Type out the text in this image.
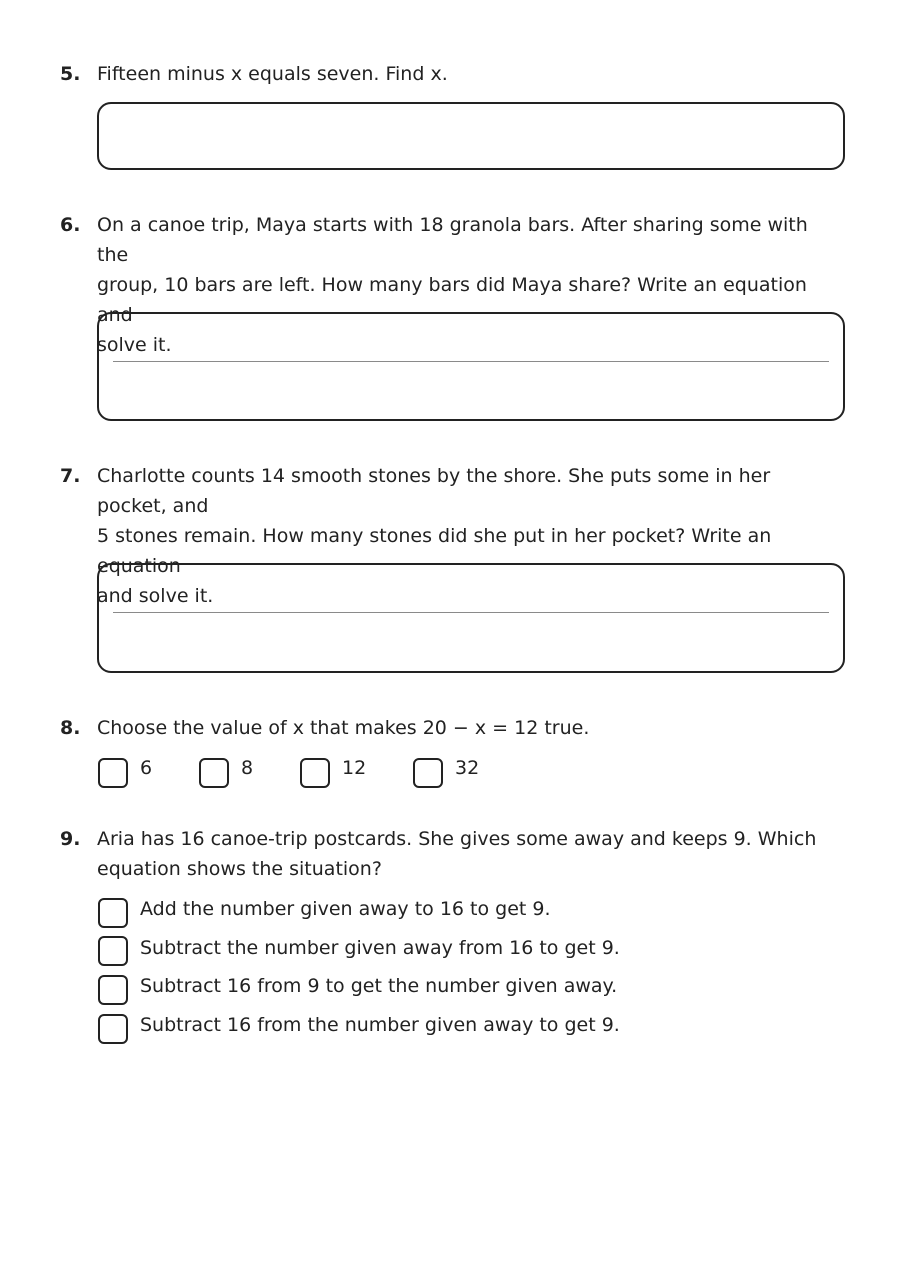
5. Fifteen minus x equals seven. Find x.
6. On a canoe trip, Maya starts with 18 granola bars. After sharing some with the
group, 10 bars are left. How many bars did Maya share? Write an equation and
solve it.
7. Charlotte counts 14 smooth stones by the shore. She puts some in her pocket, and
5 stones remain. How many stones did she put in her pocket? Write an equation
and solve it.
8. Choose the value of x that makes 20 − x = 12 true.
6	8	12	32
9. Aria has 16 canoe-trip postcards. She gives some away and keeps 9. Which
equation shows the situation?
Add the number given away to 16 to get 9.
Subtract the number given away from 16 to get 9.
Subtract 16 from 9 to get the number given away.
Subtract 16 from the number given away to get 9.
